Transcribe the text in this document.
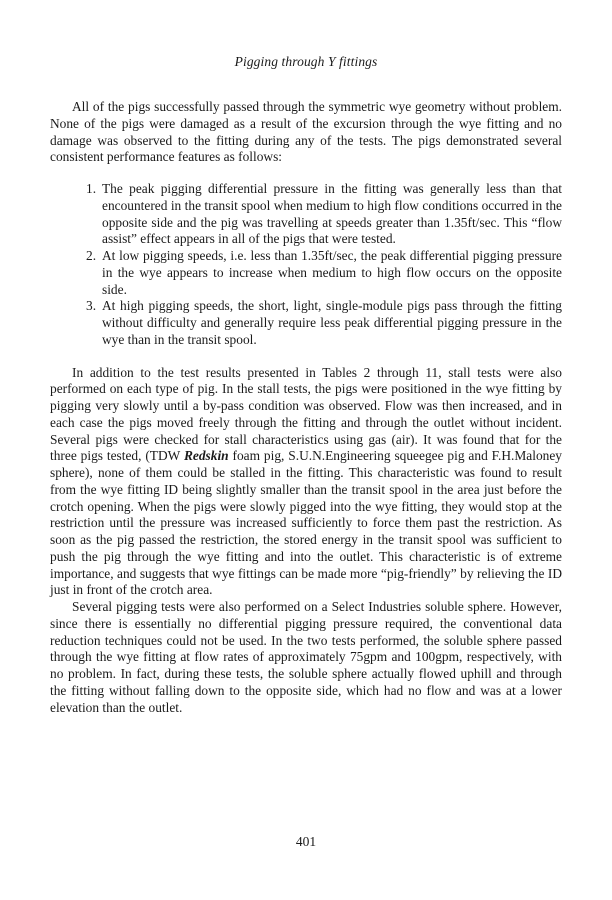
Pigging through Y fittings

All of the pigs successfully passed through the symmetric wye geometry without problem. None of the pigs were damaged as a result of the excursion through the wye fitting and no damage was observed to the fitting during any of the tests. The pigs demonstrated several consistent performance features as follows:

1. The peak pigging differential pressure in the fitting was generally less than that encountered in the transit spool when medium to high flow conditions occurred in the opposite side and the pig was travelling at speeds greater than 1.35ft/sec. This “flow assist” effect appears in all of the pigs that were tested.
2. At low pigging speeds, i.e. less than 1.35ft/sec, the peak differential pigging pressure in the wye appears to increase when medium to high flow occurs on the opposite side.
3. At high pigging speeds, the short, light, single-module pigs pass through the fitting without difficulty and generally require less peak differential pigging pressure in the wye than in the transit spool.

In addition to the test results presented in Tables 2 through 11, stall tests were also performed on each type of pig. In the stall tests, the pigs were positioned in the wye fitting by pigging very slowly until a by-pass condition was observed. Flow was then increased, and in each case the pigs moved freely through the fitting and through the outlet without incident. Several pigs were checked for stall characteristics using gas (air). It was found that for the three pigs tested, (TDW Redskin foam pig, S.U.N.Engineering squeegee pig and F.H.Maloney sphere), none of them could be stalled in the fitting. This characteristic was found to result from the wye fitting ID being slightly smaller than the transit spool in the area just before the crotch opening. When the pigs were slowly pigged into the wye fitting, they would stop at the restriction until the pressure was increased sufficiently to force them past the restriction. As soon as the pig passed the restriction, the stored energy in the transit spool was sufficient to push the pig through the wye fitting and into the outlet. This characteristic is of extreme importance, and suggests that wye fittings can be made more “pig-friendly” by relieving the ID just in front of the crotch area.

Several pigging tests were also performed on a Select Industries soluble sphere. However, since there is essentially no differential pigging pressure required, the conventional data reduction techniques could not be used. In the two tests performed, the soluble sphere passed through the wye fitting at flow rates of approximately 75gpm and 100gpm, respectively, with no problem. In fact, during these tests, the soluble sphere actually flowed uphill and through the fitting without falling down to the opposite side, which had no flow and was at a lower elevation than the outlet.

401
